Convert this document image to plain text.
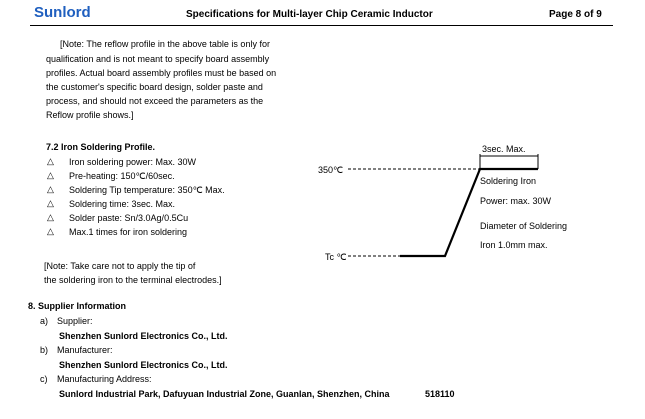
Sunlord	Specifications for Multi-layer Chip Ceramic Inductor	Page 8 of 9
[Note: The reflow profile in the above table is only for
qualification and is not meant to specify board assembly
profiles. Actual board assembly profiles must be based on
the customer's specific board design, solder paste and
process, and should not exceed the parameters as the
Reflow profile shows.]
7.2 Iron Soldering Profile.
△ Iron soldering power: Max. 30W
△ Pre-heating: 150℃/60sec.
△ Soldering Tip temperature: 350℃ Max.
△ Soldering time: 3sec. Max.
△ Solder paste: Sn/3.0Ag/0.5Cu
△ Max.1 times for iron soldering
[Note: Take care not to apply the tip of
the soldering iron to the terminal electrodes.]
350℃
Tc ℃
3sec. Max.
Soldering Iron
Power: max. 30W
Diameter of Soldering
Iron 1.0mm max.
8. Supplier Information
a) Supplier:
Shenzhen Sunlord Electronics Co., Ltd.
b) Manufacturer:
Shenzhen Sunlord Electronics Co., Ltd.
c) Manufacturing Address:
Sunlord Industrial Park, Dafuyuan Industrial Zone, Guanlan, Shenzhen, China	518110
